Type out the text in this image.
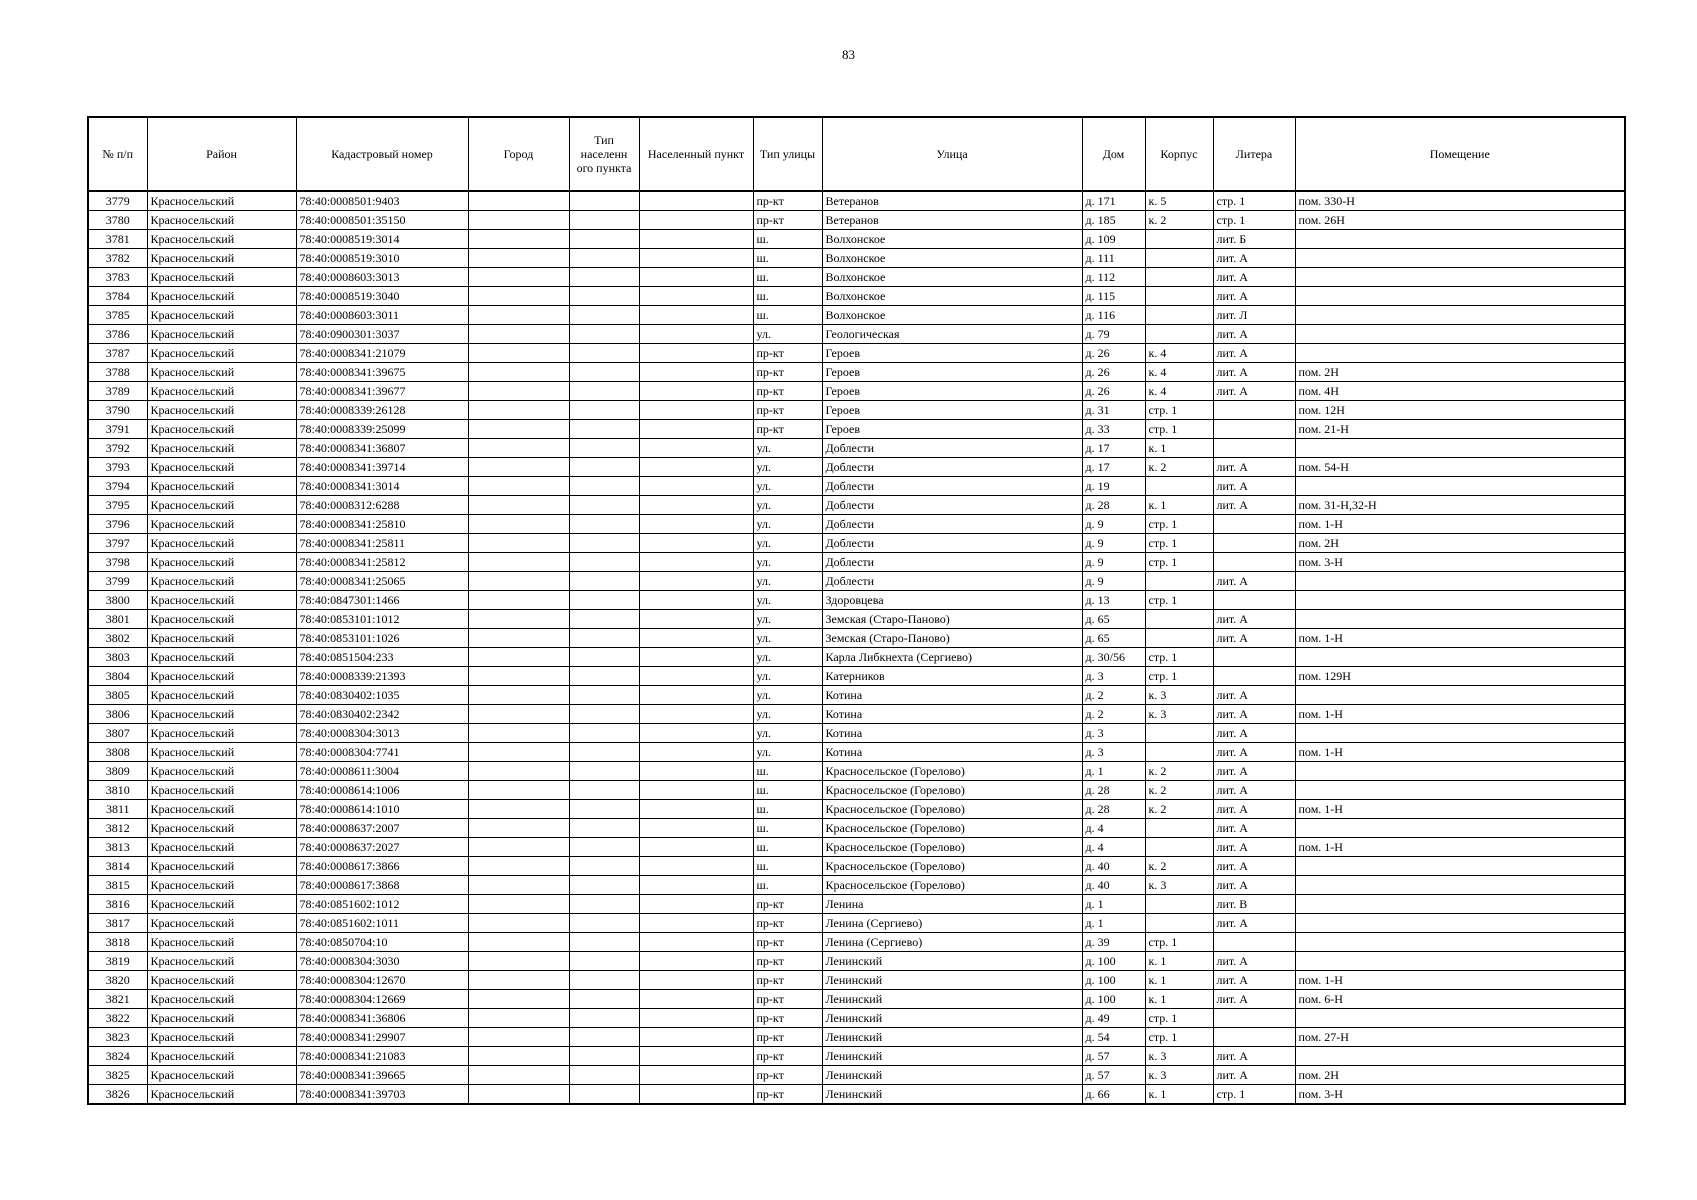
83
№ п/п	Район	Кадастровый номер	Город	Тип населенн ого пункта	Населенный пункт	Тип улицы	Улица	Дом	Корпус	Литера	Помещение
3779	Красносельский	78:40:0008501:9403				пр-кт	Ветеранов	д. 171	к. 5	стр. 1	пом. 330-Н
3780	Красносельский	78:40:0008501:35150				пр-кт	Ветеранов	д. 185	к. 2	стр. 1	пом. 26Н
3781	Красносельский	78:40:0008519:3014				ш.	Волхонское	д. 109		лит. Б	
3782	Красносельский	78:40:0008519:3010				ш.	Волхонское	д. 111		лит. А	
3783	Красносельский	78:40:0008603:3013				ш.	Волхонское	д. 112		лит. А	
3784	Красносельский	78:40:0008519:3040				ш.	Волхонское	д. 115		лит. А	
3785	Красносельский	78:40:0008603:3011				ш.	Волхонское	д. 116		лит. Л	
3786	Красносельский	78:40:0900301:3037				ул.	Геологическая	д. 79		лит. А	
3787	Красносельский	78:40:0008341:21079				пр-кт	Героев	д. 26	к. 4	лит. А	
3788	Красносельский	78:40:0008341:39675				пр-кт	Героев	д. 26	к. 4	лит. А	пом. 2Н
3789	Красносельский	78:40:0008341:39677				пр-кт	Героев	д. 26	к. 4	лит. А	пом. 4Н
3790	Красносельский	78:40:0008339:26128				пр-кт	Героев	д. 31	стр. 1		пом. 12Н
3791	Красносельский	78:40:0008339:25099				пр-кт	Героев	д. 33	стр. 1		пом. 21-Н
3792	Красносельский	78:40:0008341:36807				ул.	Доблести	д. 17	к. 1		
3793	Красносельский	78:40:0008341:39714				ул.	Доблести	д. 17	к. 2	лит. А	пом. 54-Н
3794	Красносельский	78:40:0008341:3014				ул.	Доблести	д. 19		лит. А	
3795	Красносельский	78:40:0008312:6288				ул.	Доблести	д. 28	к. 1	лит. А	пом. 31-Н,32-Н
3796	Красносельский	78:40:0008341:25810				ул.	Доблести	д. 9	стр. 1		пом. 1-Н
3797	Красносельский	78:40:0008341:25811				ул.	Доблести	д. 9	стр. 1		пом. 2Н
3798	Красносельский	78:40:0008341:25812				ул.	Доблести	д. 9	стр. 1		пом. 3-Н
3799	Красносельский	78:40:0008341:25065				ул.	Доблести	д. 9		лит. А	
3800	Красносельский	78:40:0847301:1466				ул.	Здоровцева	д. 13	стр. 1		
3801	Красносельский	78:40:0853101:1012				ул.	Земская (Старо-Паново)	д. 65		лит. А	
3802	Красносельский	78:40:0853101:1026				ул.	Земская (Старо-Паново)	д. 65		лит. А	пом. 1-Н
3803	Красносельский	78:40:0851504:233				ул.	Карла Либкнехта (Сергиево)	д. 30/56	стр. 1		
3804	Красносельский	78:40:0008339:21393				ул.	Катерников	д. 3	стр. 1		пом. 129Н
3805	Красносельский	78:40:0830402:1035				ул.	Котина	д. 2	к. 3	лит. А	
3806	Красносельский	78:40:0830402:2342				ул.	Котина	д. 2	к. 3	лит. А	пом. 1-Н
3807	Красносельский	78:40:0008304:3013				ул.	Котина	д. 3		лит. А	
3808	Красносельский	78:40:0008304:7741				ул.	Котина	д. 3		лит. А	пом. 1-Н
3809	Красносельский	78:40:0008611:3004				ш.	Красносельское (Горелово)	д. 1	к. 2	лит. А	
3810	Красносельский	78:40:0008614:1006				ш.	Красносельское (Горелово)	д. 28	к. 2	лит. А	
3811	Красносельский	78:40:0008614:1010				ш.	Красносельское (Горелово)	д. 28	к. 2	лит. А	пом. 1-Н
3812	Красносельский	78:40:0008637:2007				ш.	Красносельское (Горелово)	д. 4		лит. А	
3813	Красносельский	78:40:0008637:2027				ш.	Красносельское (Горелово)	д. 4		лит. А	пом. 1-Н
3814	Красносельский	78:40:0008617:3866				ш.	Красносельское (Горелово)	д. 40	к. 2	лит. А	
3815	Красносельский	78:40:0008617:3868				ш.	Красносельское (Горелово)	д. 40	к. 3	лит. А	
3816	Красносельский	78:40:0851602:1012				пр-кт	Ленина	д. 1		лит. В	
3817	Красносельский	78:40:0851602:1011				пр-кт	Ленина (Сергиево)	д. 1		лит. А	
3818	Красносельский	78:40:0850704:10				пр-кт	Ленина (Сергиево)	д. 39	стр. 1		
3819	Красносельский	78:40:0008304:3030				пр-кт	Ленинский	д. 100	к. 1	лит. А	
3820	Красносельский	78:40:0008304:12670				пр-кт	Ленинский	д. 100	к. 1	лит. А	пом. 1-Н
3821	Красносельский	78:40:0008304:12669				пр-кт	Ленинский	д. 100	к. 1	лит. А	пом. 6-Н
3822	Красносельский	78:40:0008341:36806				пр-кт	Ленинский	д. 49	стр. 1		
3823	Красносельский	78:40:0008341:29907				пр-кт	Ленинский	д. 54	стр. 1		пом. 27-Н
3824	Красносельский	78:40:0008341:21083				пр-кт	Ленинский	д. 57	к. 3	лит. А	
3825	Красносельский	78:40:0008341:39665				пр-кт	Ленинский	д. 57	к. 3	лит. А	пом. 2Н
3826	Красносельский	78:40:0008341:39703				пр-кт	Ленинский	д. 66	к. 1	стр. 1	пом. 3-Н
